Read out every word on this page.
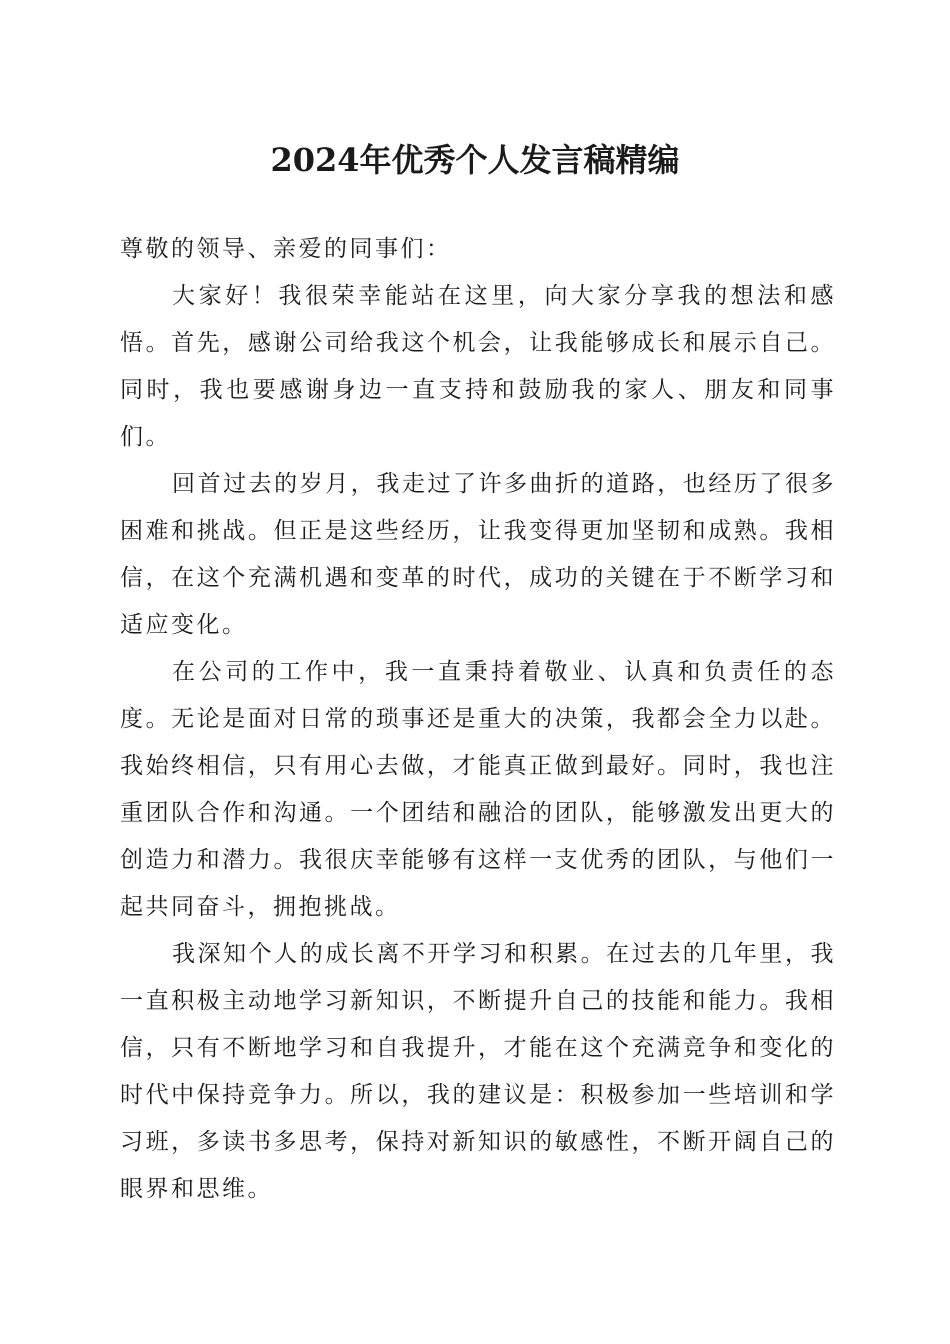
2024年优秀个人发言稿精编

尊敬的领导、亲爱的同事们：

大家好！我很荣幸能站在这里，向大家分享我的想法和感悟。首先，感谢公司给我这个机会，让我能够成长和展示自己。同时，我也要感谢身边一直支持和鼓励我的家人、朋友和同事们。

回首过去的岁月，我走过了许多曲折的道路，也经历了很多困难和挑战。但正是这些经历，让我变得更加坚韧和成熟。我相信，在这个充满机遇和变革的时代，成功的关键在于不断学习和适应变化。

在公司的工作中，我一直秉持着敬业、认真和负责任的态度。无论是面对日常的琐事还是重大的决策，我都会全力以赴。我始终相信，只有用心去做，才能真正做到最好。同时，我也注重团队合作和沟通。一个团结和融洽的团队，能够激发出更大的创造力和潜力。我很庆幸能够有这样一支优秀的团队，与他们一起共同奋斗，拥抱挑战。

我深知个人的成长离不开学习和积累。在过去的几年里，我一直积极主动地学习新知识，不断提升自己的技能和能力。我相信，只有不断地学习和自我提升，才能在这个充满竞争和变化的时代中保持竞争力。所以，我的建议是：积极参加一些培训和学习班，多读书多思考，保持对新知识的敏感性，不断开阔自己的眼界和思维。
